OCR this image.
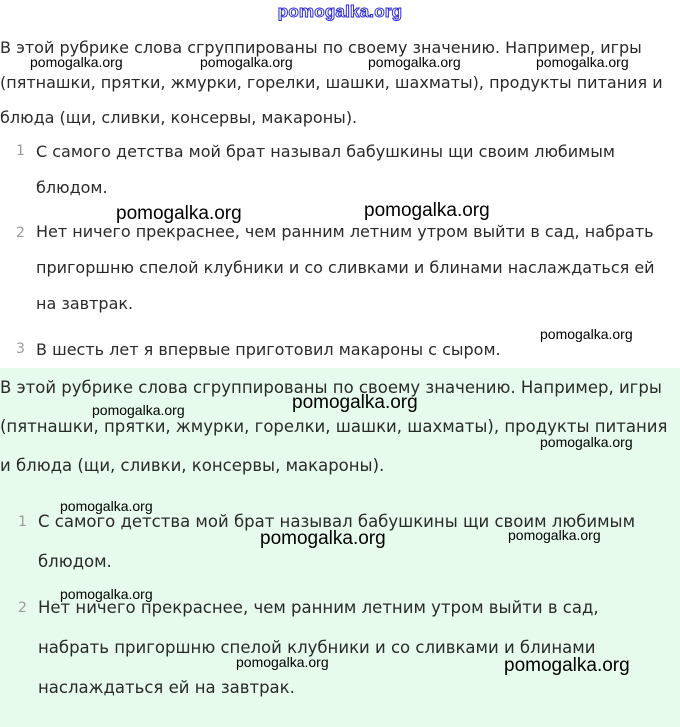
pomogalka.org

В этой рубрике слова сгруппированы по своему значению. Например, игры (пятнашки, прятки, жмурки, горелки, шашки, шахматы), продукты питания и блюда (щи, сливки, консервы, макароны).

1 С самого детства мой брат называл бабушкины щи своим любимым блюдом.
2 Нет ничего прекраснее, чем ранним летним утром выйти в сад, набрать пригоршню спелой клубники и со сливками и блинами наслаждаться ей на завтрак.
3 В шесть лет я впервые приготовил макароны с сыром.

В этой рубрике слова сгруппированы по своему значению. Например, игры (пятнашки, прятки, жмурки, горелки, шашки, шахматы), продукты питания и блюда (щи, сливки, консервы, макароны).

1 С самого детства мой брат называл бабушкины щи своим любимым блюдом.
2 Нет ничего прекраснее, чем ранним летним утром выйти в сад, набрать пригоршню спелой клубники и со сливками и блинами наслаждаться ей на завтрак.
pomogalka.org	pomogalka.org	pomogalka.org	pomogalka.org
pomogalka.org	pomogalka.org
pomogalka.org
pomogalka.org
pomogalka.org
pomogalka.org
pomogalka.org
pomogalka.org	pomogalka.org
pomogalka.org
pomogalka.org	pomogalka.org
